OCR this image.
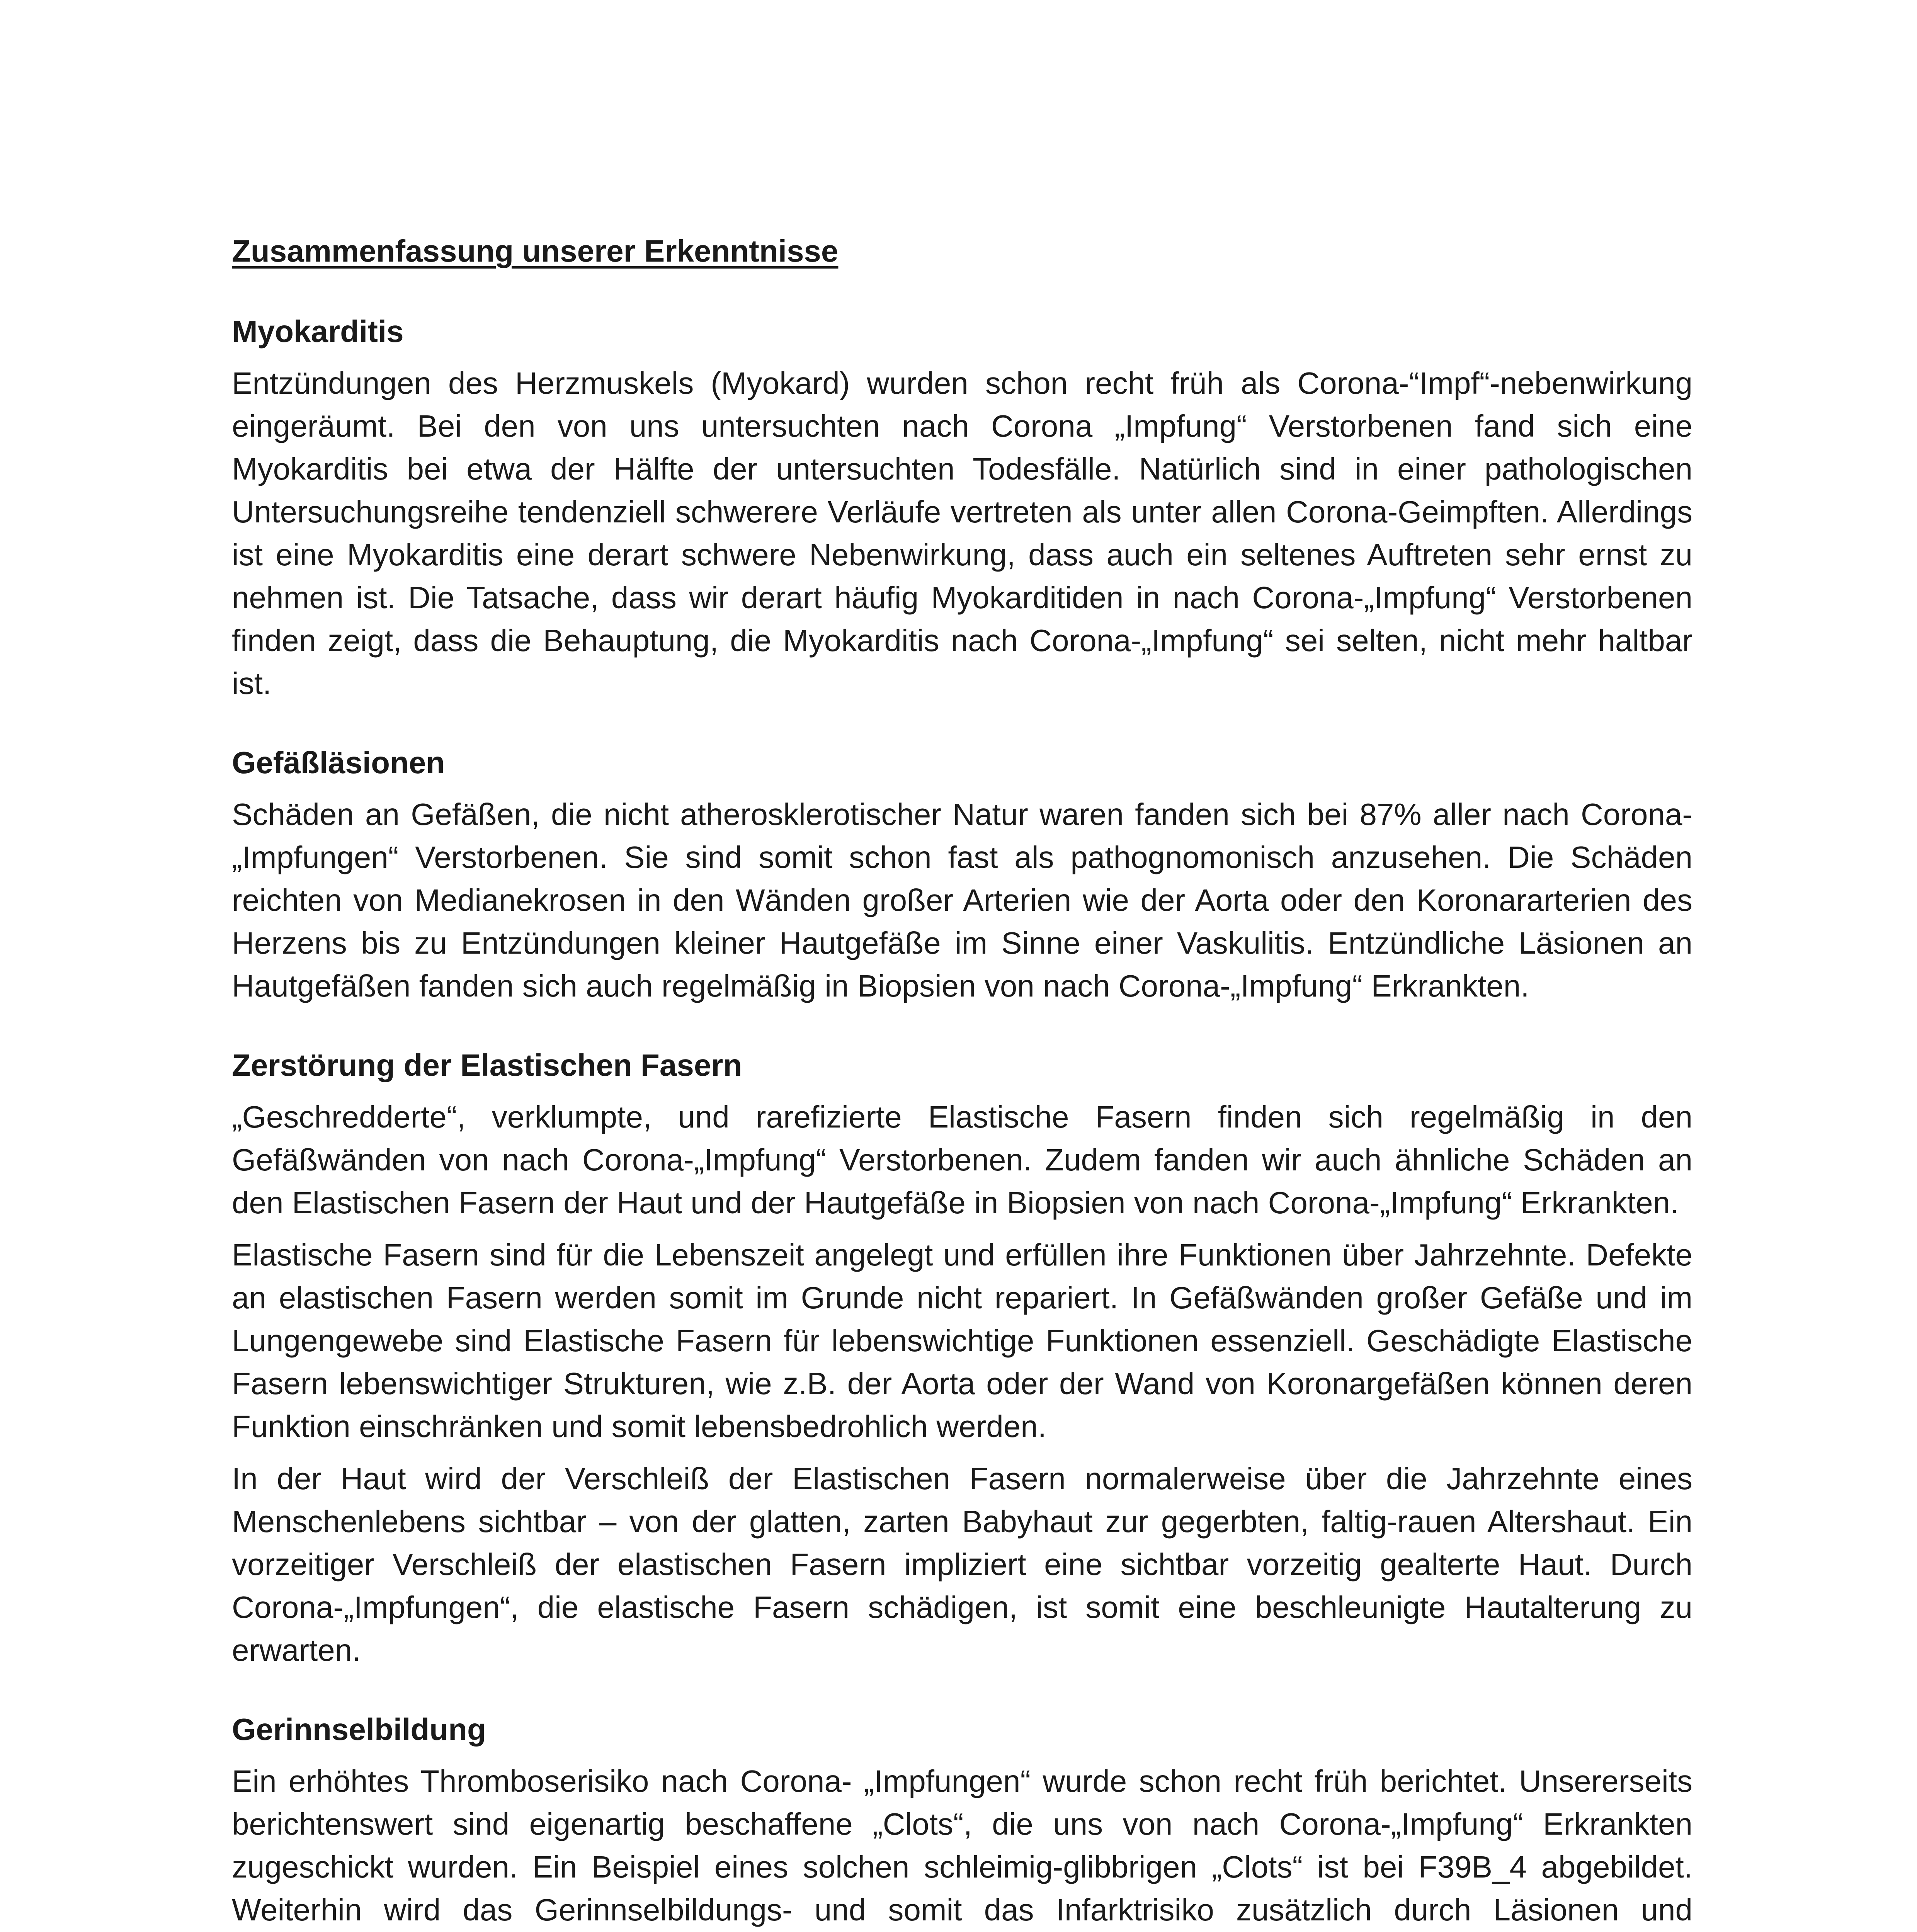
Zusammenfassung unserer Erkenntnisse
Myokarditis

Entzündungen des Herzmuskels (Myokard) wurden schon recht früh als Corona-“Impf“-nebenwirkung eingeräumt. Bei den von uns untersuchten nach Corona „Impfung“ Verstorbenen fand sich eine Myokarditis bei etwa der Hälfte der untersuchten Todesfälle. Natürlich sind in einer pathologischen Untersuchungsreihe tendenziell schwerere Verläufe vertreten als unter allen Corona-Geimpften. Allerdings ist eine Myokarditis eine derart schwere Nebenwirkung, dass auch ein seltenes Auftreten sehr ernst zu nehmen ist. Die Tatsache, dass wir derart häufig Myokarditiden in nach Corona-„Impfung“ Verstorbenen finden zeigt, dass die Behauptung, die Myokarditis nach Corona-„Impfung“ sei selten, nicht mehr haltbar ist.

Gefäßläsionen

Schäden an Gefäßen, die nicht atherosklerotischer Natur waren fanden sich bei 87% aller nach Corona-„Impfungen“ Verstorbenen. Sie sind somit schon fast als pathognomonisch anzusehen. Die Schäden reichten von Medianekrosen in den Wänden großer Arterien wie der Aorta oder den Koronararterien des Herzens bis zu Entzündungen kleiner Hautgefäße im Sinne einer Vaskulitis. Entzündliche Läsionen an Hautgefäßen fanden sich auch regelmäßig in Biopsien von nach Corona-„Impfung“ Erkrankten.

Zerstörung der Elastischen Fasern

„Geschredderte“, verklumpte, und rarefizierte Elastische Fasern finden sich regelmäßig in den Gefäßwänden von nach Corona-„Impfung“ Verstorbenen. Zudem fanden wir auch ähnliche Schäden an den Elastischen Fasern der Haut und der Hautgefäße in Biopsien von nach Corona-„Impfung“ Erkrankten.

Elastische Fasern sind für die Lebenszeit angelegt und erfüllen ihre Funktionen über Jahrzehnte. Defekte an elastischen Fasern werden somit im Grunde nicht repariert. In Gefäßwänden großer Gefäße und im Lungengewebe sind Elastische Fasern für lebenswichtige Funktionen essenziell. Geschädigte Elastische Fasern lebenswichtiger Strukturen, wie z.B. der Aorta oder der Wand von Koronargefäßen können deren Funktion einschränken und somit lebensbedrohlich werden.

In der Haut wird der Verschleiß der Elastischen Fasern normalerweise über die Jahrzehnte eines Menschenlebens sichtbar – von der glatten, zarten Babyhaut zur gegerbten, faltig-rauen Altershaut. Ein vorzeitiger Verschleiß der elastischen Fasern impliziert eine sichtbar vorzeitig gealterte Haut. Durch Corona-„Impfungen“, die elastische Fasern schädigen, ist somit eine beschleunigte Hautalterung zu erwarten.

Gerinnselbildung

Ein erhöhtes Thromboserisiko nach Corona- „Impfungen“ wurde schon recht früh berichtet. Unsererseits berichtenswert sind eigenartig beschaffene „Clots“, die uns von nach Corona-„Impfung“ Erkrankten zugeschickt wurden. Ein Beispiel eines solchen schleimig-glibbrigen „Clots“ ist bei F39B_4 abgebildet. Weiterhin wird das Gerinnselbildungs- und somit das Infarktrisiko zusätzlich durch Läsionen und
